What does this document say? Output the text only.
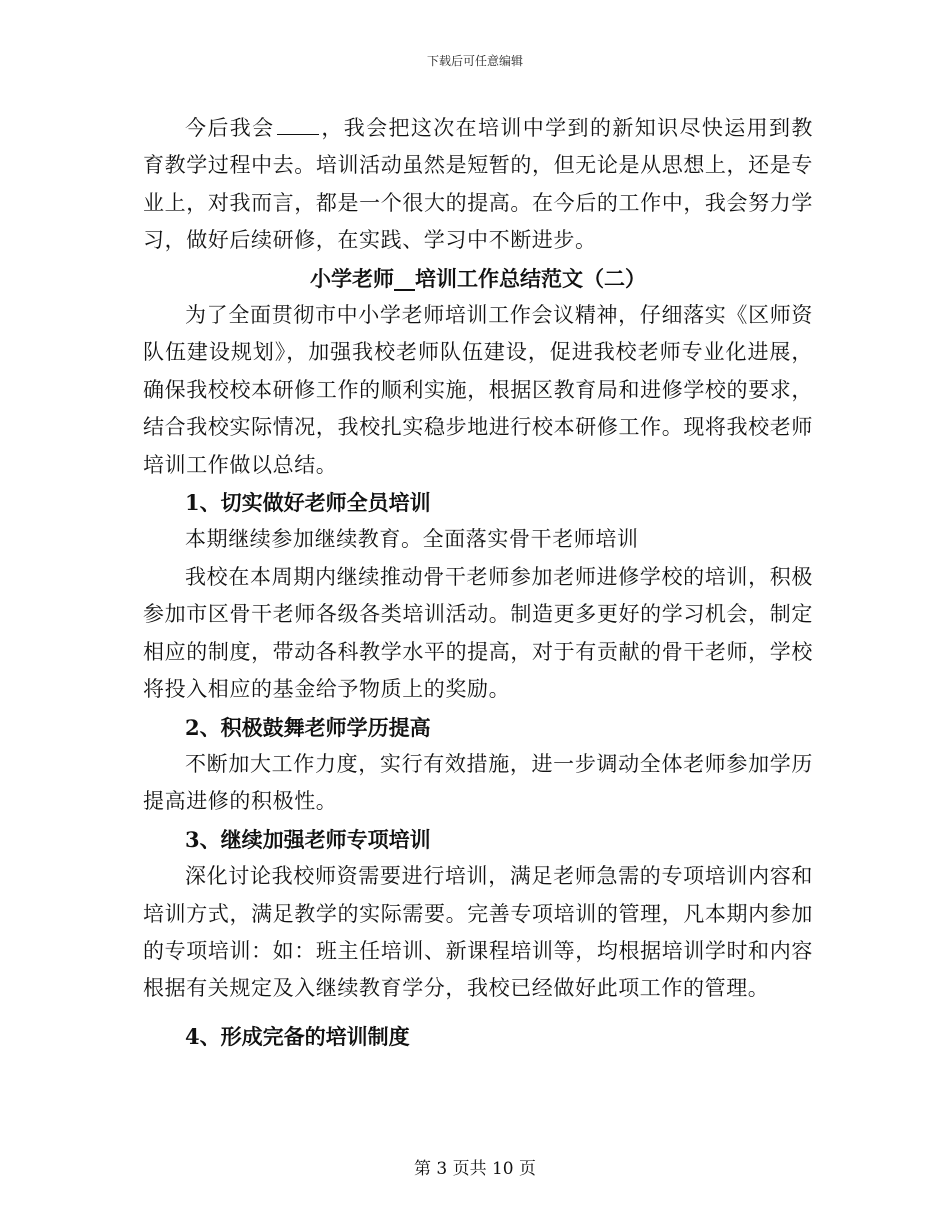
下载后可任意编辑

今后我会 ，我会把这次在培训中学到的新知识尽快运用到教育教学过程中去。培训活动虽然是短暂的，但无论是从思想上，还是专业上，对我而言，都是一个很大的提高。在今后的工作中，我会努力学习，做好后续研修，在实践、学习中不断进步。

小学老师__培训工作总结范文（二）

为了全面贯彻市中小学老师培训工作会议精神，仔细落实《区师资队伍建设规划》，加强我校老师队伍建设，促进我校老师专业化进展，确保我校校本研修工作的顺利实施，根据区教育局和进修学校的要求，结合我校实际情况，我校扎实稳步地进行校本研修工作。现将我校老师培训工作做以总结。

1、切实做好老师全员培训

本期继续参加继续教育。全面落实骨干老师培训

我校在本周期内继续推动骨干老师参加老师进修学校的培训，积极参加市区骨干老师各级各类培训活动。制造更多更好的学习机会，制定相应的制度，带动各科教学水平的提高，对于有贡献的骨干老师，学校将投入相应的基金给予物质上的奖励。

2、积极鼓舞老师学历提高

不断加大工作力度，实行有效措施，进一步调动全体老师参加学历提高进修的积极性。

3、继续加强老师专项培训

深化讨论我校师资需要进行培训，满足老师急需的专项培训内容和培训方式，满足教学的实际需要。完善专项培训的管理，凡本期内参加的专项培训：如：班主任培训、新课程培训等，均根据培训学时和内容根据有关规定及入继续教育学分，我校已经做好此项工作的管理。

4、形成完备的培训制度

第 3 页共 10 页
